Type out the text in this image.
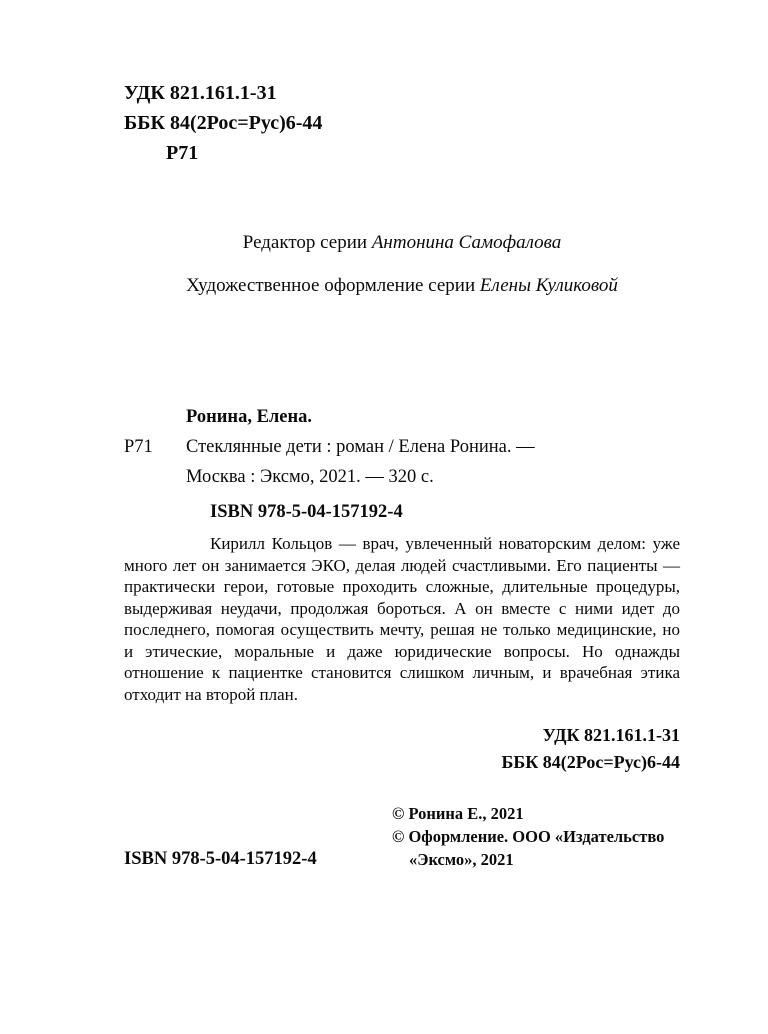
УДК 821.161.1-31
ББК 84(2Рос=Рус)6-44
Р71
Редактор серии Антонина Самофалова
Художественное оформление серии Елены Куликовой
Ронина, Елена.
Р71	Стеклянные дети : роман / Елена Ронина. —
Москва : Эксмо, 2021. — 320 с.
ISBN 978-5-04-157192-4

Кирилл Кольцов — врач, увлеченный новаторским делом: уже много лет он занимается ЭКО, делая людей счастливыми. Его пациенты — практически герои, готовые проходить сложные, длительные процедуры, выдерживая неудачи, продолжая бороться. А он вместе с ними идет до последнего, помогая осуществить мечту, решая не только медицинские, но и этические, моральные и даже юридические вопросы. Но однажды отношение к пациентке становится слишком личным, и врачебная этика отходит на второй план.

УДК 821.161.1-31
ББК 84(2Рос=Рус)6-44
ISBN 978-5-04-157192-4
© Ронина Е., 2021
© Оформление. ООО «Издательство
«Эксмо», 2021
